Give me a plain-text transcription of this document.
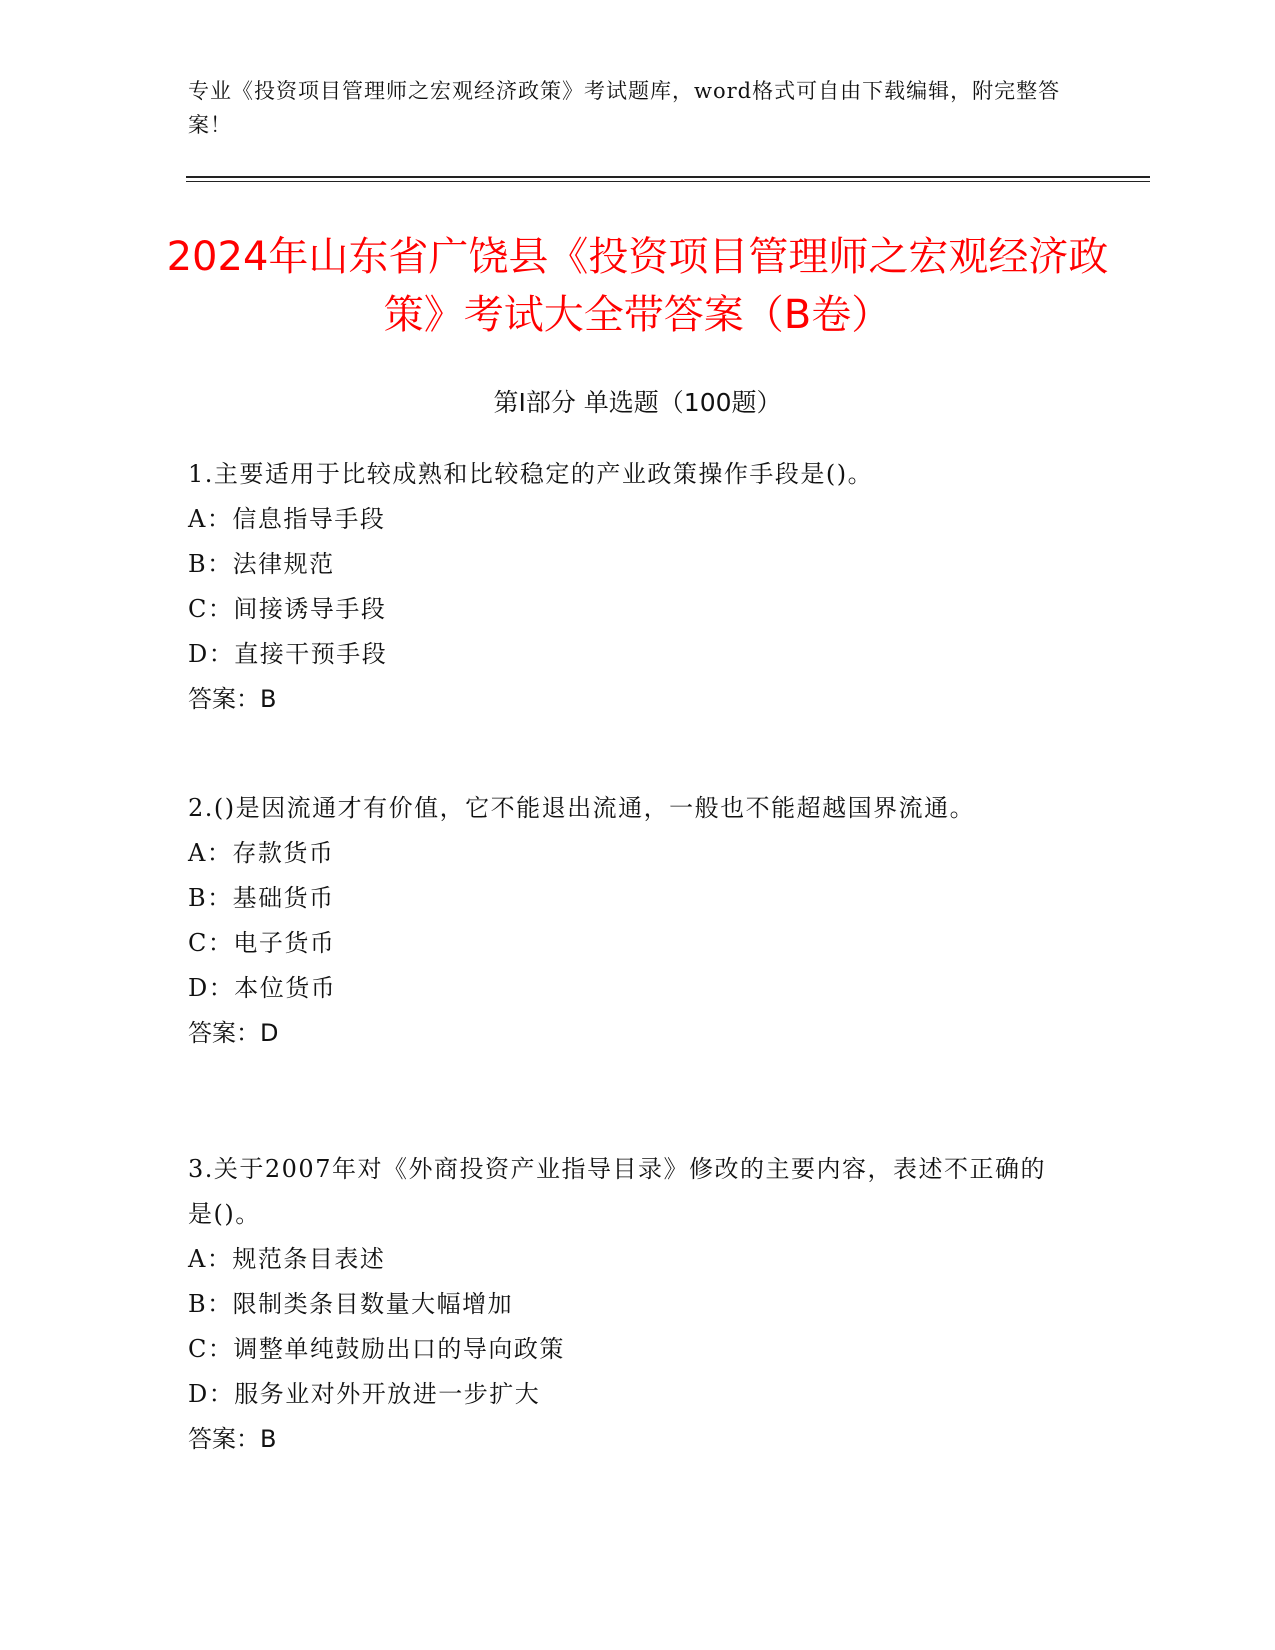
专业《投资项目管理师之宏观经济政策》考试题库，word格式可自由下载编辑，附完整答案！
2024年山东省广饶县《投资项目管理师之宏观经济政策》考试大全带答案（B卷）
第Ⅰ部分 单选题（100题）
1.主要适用于比较成熟和比较稳定的产业政策操作手段是()。
A：信息指导手段
B：法律规范
C：间接诱导手段
D：直接干预手段
答案：B
2.()是因流通才有价值，它不能退出流通，一般也不能超越国界流通。
A：存款货币
B：基础货币
C：电子货币
D：本位货币
答案：D
3.关于2007年对《外商投资产业指导目录》修改的主要内容，表述不正确的是()。
A：规范条目表述
B：限制类条目数量大幅增加
C：调整单纯鼓励出口的导向政策
D：服务业对外开放进一步扩大
答案：B
